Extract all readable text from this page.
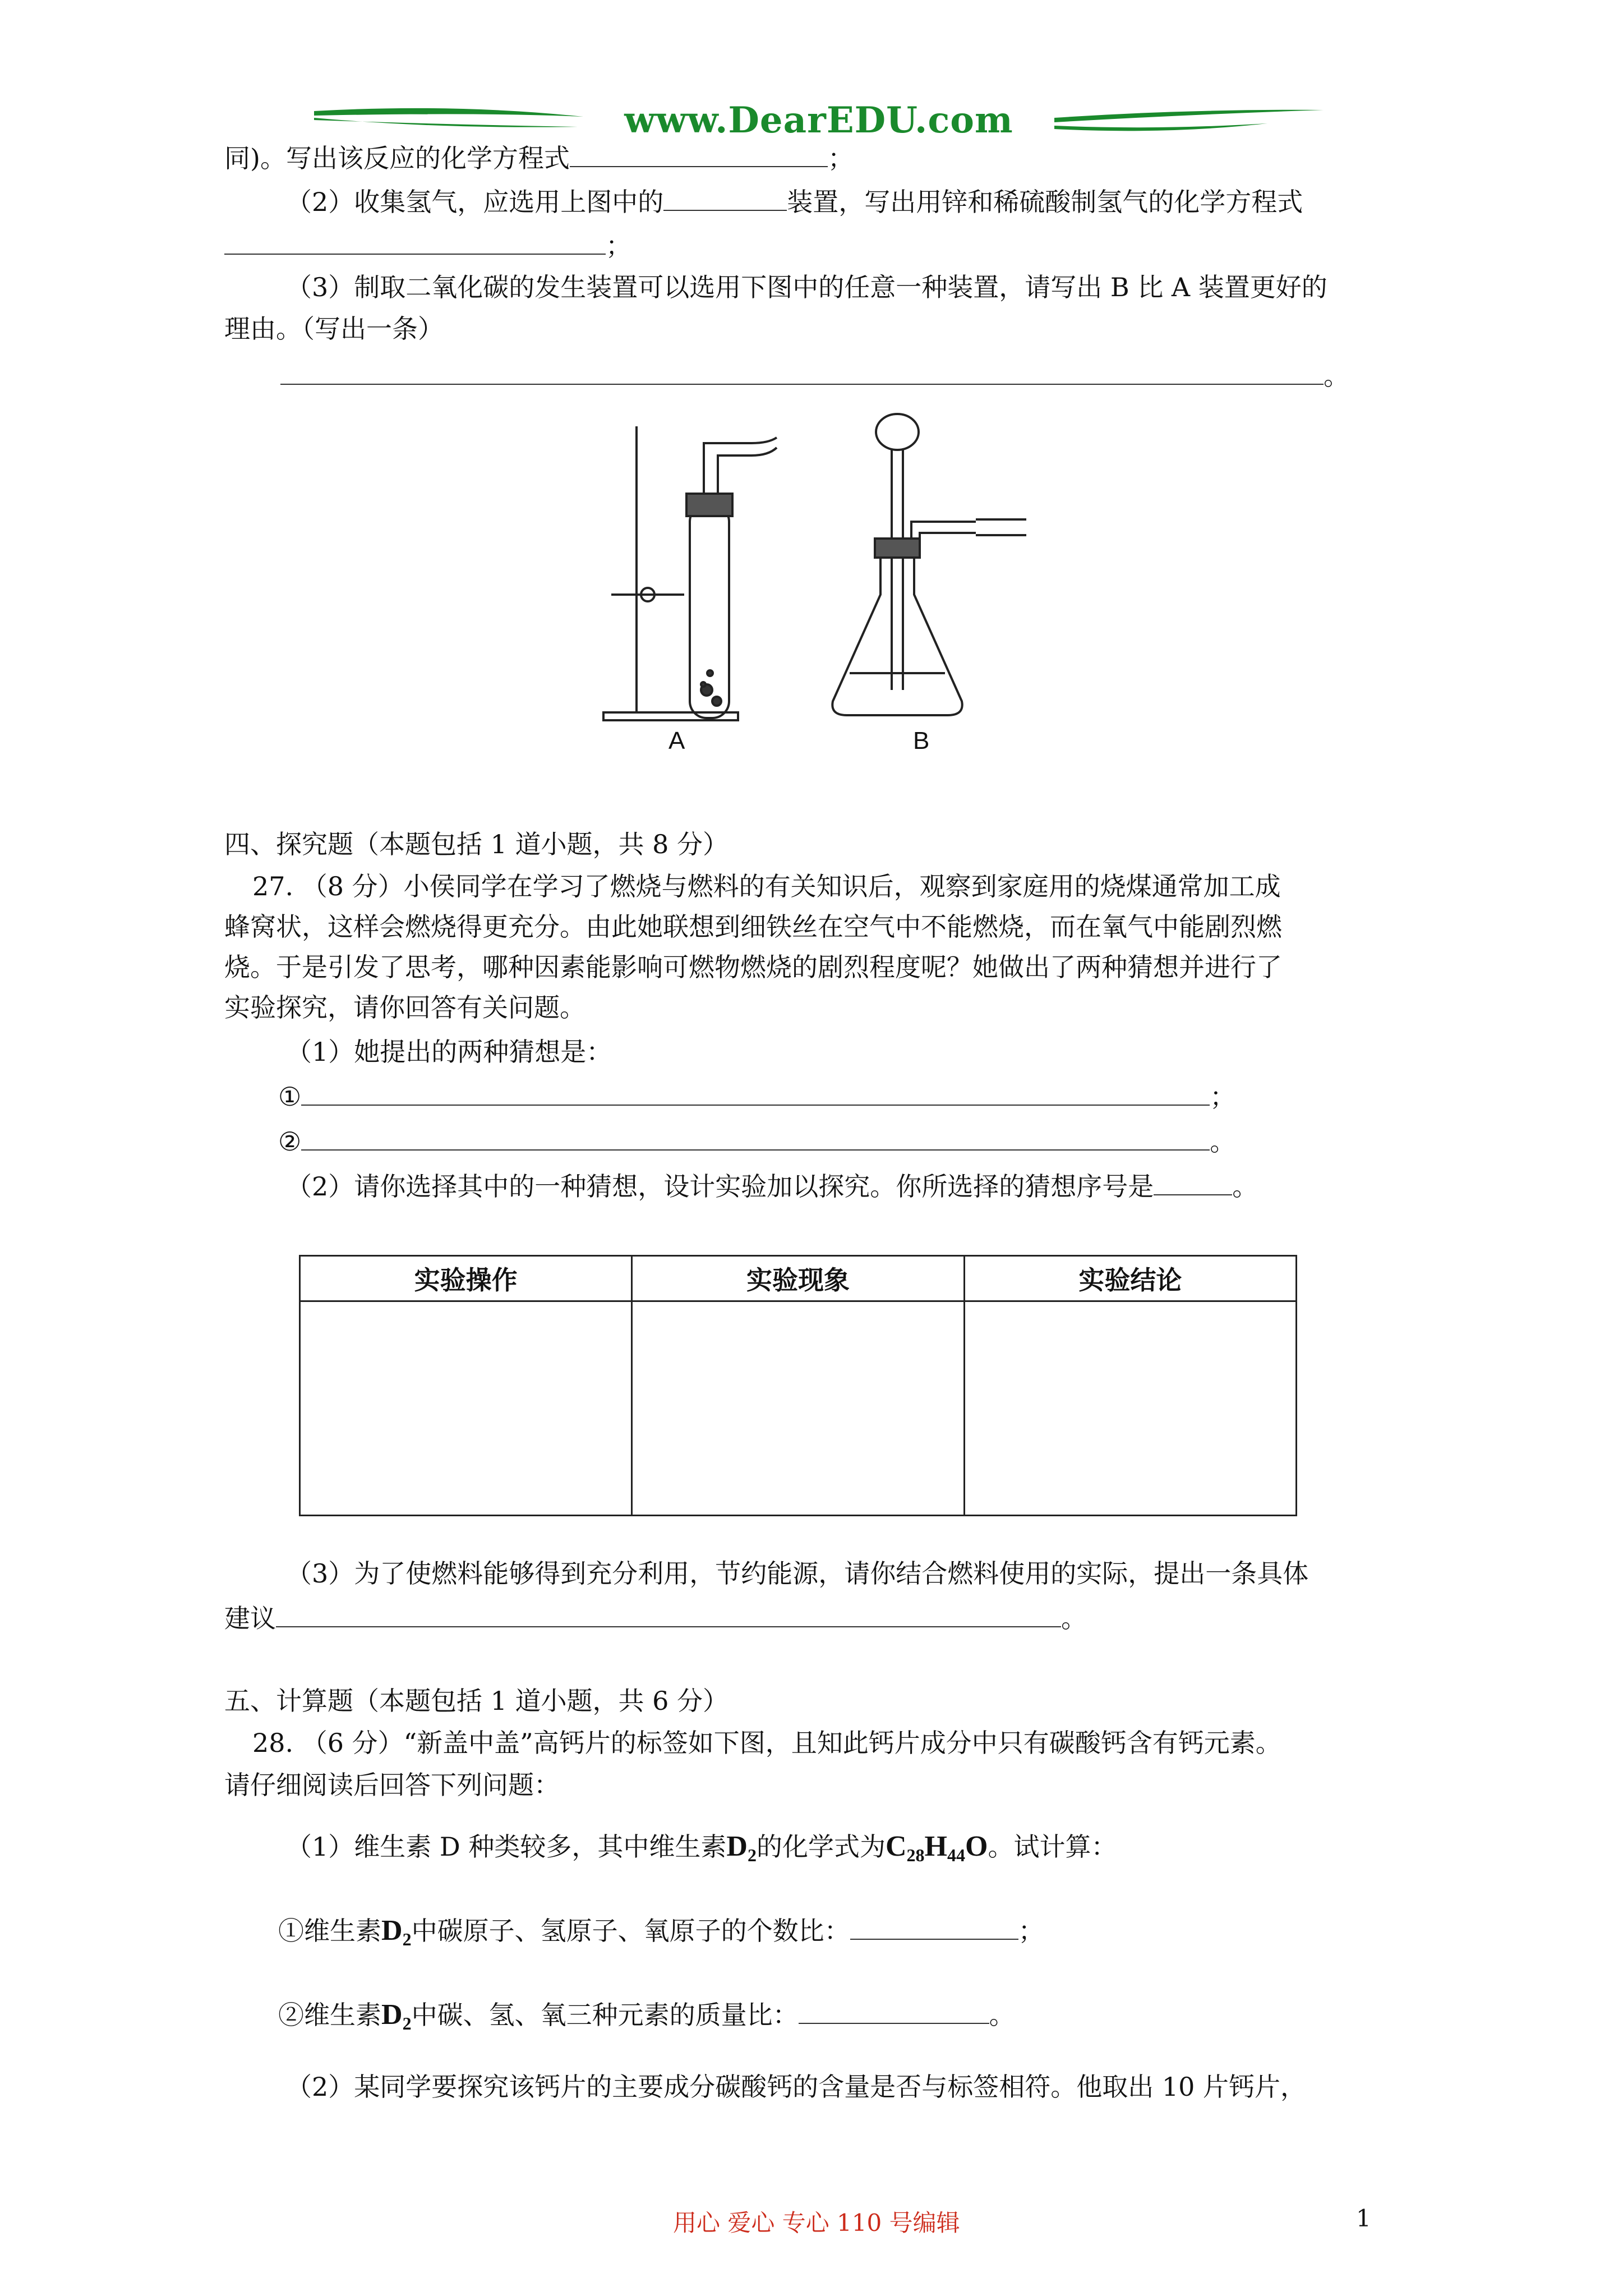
www.DearEDU.com
同)。写出该反应的化学方程式	；
（2）收集氢气，应选用上图中的	装置，写出用锌和稀硫酸制氢气的化学方程式
；
（3）制取二氧化碳的发生装置可以选用下图中的任意一种装置，请写出 B 比 A 装置更好的
理由。（写出一条）
。
A	B
四、探究题（本题包括 1 道小题，共 8 分）
27. （8 分）小侯同学在学习了燃烧与燃料的有关知识后，观察到家庭用的烧煤通常加工成
蜂窝状，这样会燃烧得更充分。由此她联想到细铁丝在空气中不能燃烧，而在氧气中能剧烈燃
烧。于是引发了思考，哪种因素能影响可燃物燃烧的剧烈程度呢？她做出了两种猜想并进行了
实验探究，请你回答有关问题。
（1）她提出的两种猜想是：
①	；
②	。
（2）请你选择其中的一种猜想，设计实验加以探究。你所选择的猜想序号是	。
实验操作	实验现象	实验结论

（3）为了使燃料能够得到充分利用，节约能源，请你结合燃料使用的实际，提出一条具体
建议	。
五、计算题（本题包括 1 道小题，共 6 分）
28. （6 分）“新盖中盖”高钙片的标签如下图，且知此钙片成分中只有碳酸钙含有钙元素。
请仔细阅读后回答下列问题：
（1）维生素 D 种类较多，其中维生素$D_2$的化学式为$C_{28}H_{44}O$。试计算：
①维生素$D_2$中碳原子、氢原子、氧原子的个数比：	；
②维生素$D_2$中碳、氢、氧三种元素的质量比：	。
（2）某同学要探究该钙片的主要成分碳酸钙的含量是否与标签相符。他取出 10 片钙片，
用心 爱心 专心 110 号编辑	1
